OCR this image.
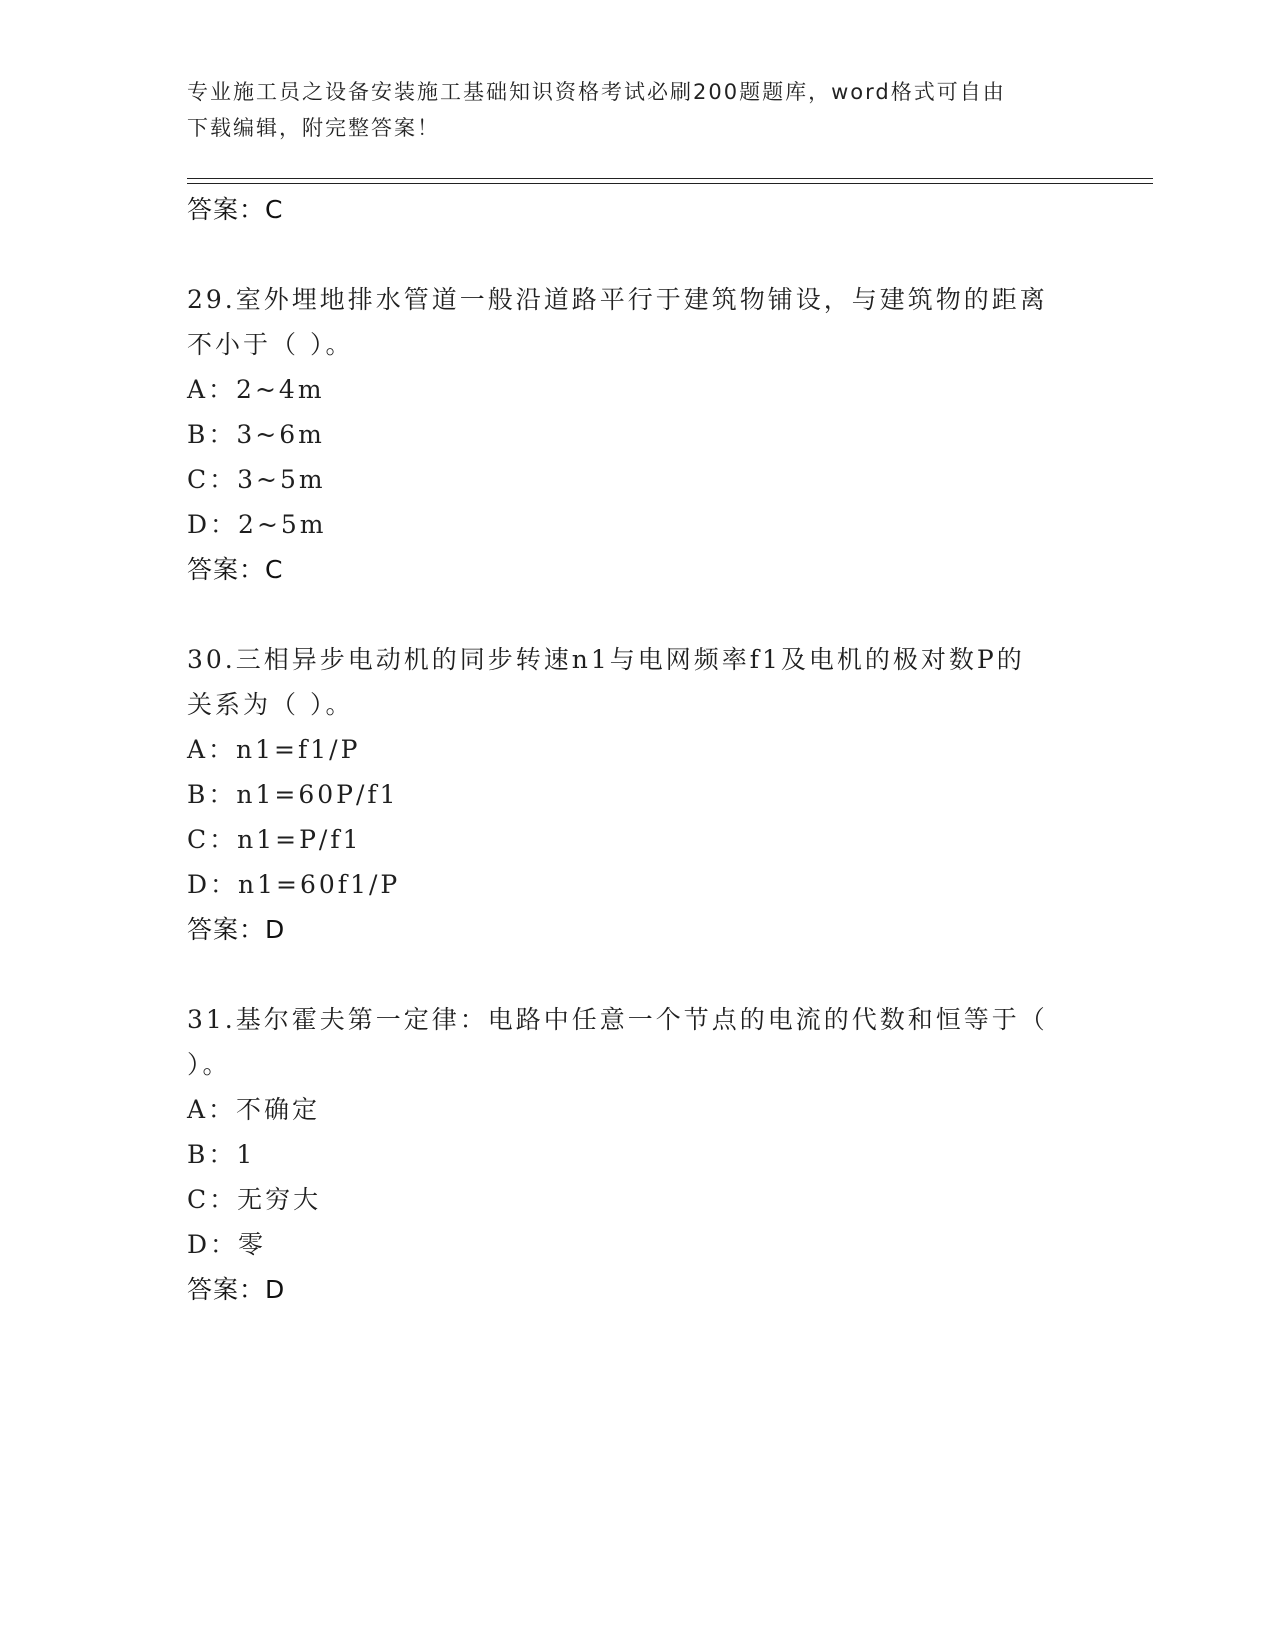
专业施工员之设备安装施工基础知识资格考试必刷200题题库，word格式可自由
下载编辑，附完整答案！
答案：C
29.室外埋地排水管道一般沿道路平行于建筑物铺设，与建筑物的距离
不小于（ ）。
A：2~4m
B：3~6m
C：3~5m
D：2~5m
答案：C
30.三相异步电动机的同步转速n1与电网频率f1及电机的极对数P的
关系为（ ）。
A：n1=f1/P
B：n1=60P/f1
C：n1=P/f1
D：n1=60f1/P
答案：D
31.基尔霍夫第一定律：电路中任意一个节点的电流的代数和恒等于（
）。
A：不确定
B：1
C：无穷大
D：零
答案：D
